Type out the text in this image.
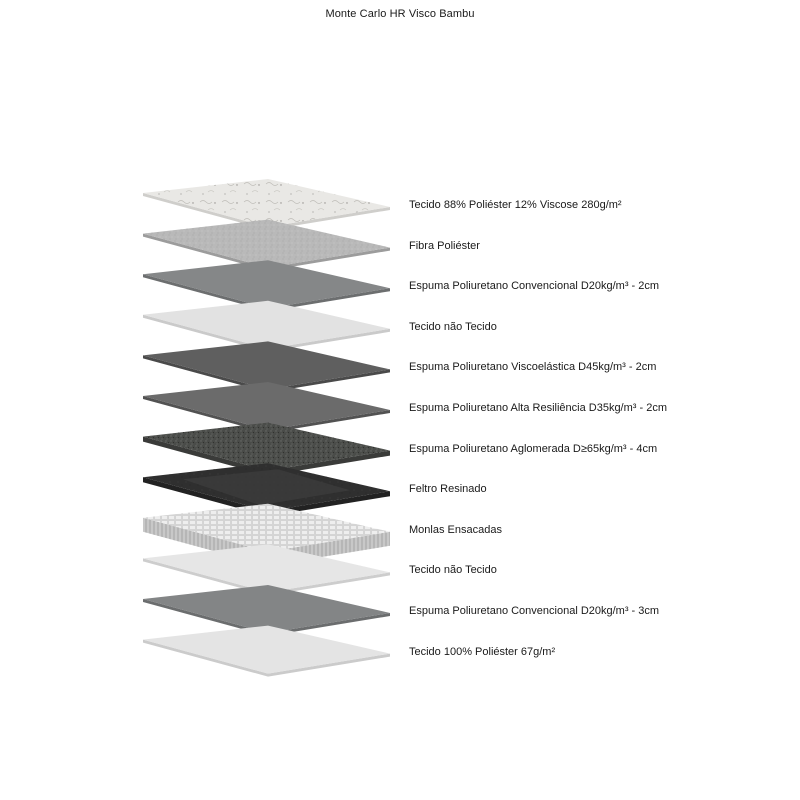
Monte Carlo HR Visco Bambu
Tecido 88% Poliéster 12% Viscose 280g/m²
Fibra Poliéster
Espuma Poliuretano Convencional D20kg/m³ - 2cm
Tecido não Tecido
Espuma Poliuretano Viscoelástica D45kg/m³ - 2cm
Espuma Poliuretano Alta Resiliência D35kg/m³ - 2cm
Espuma Poliuretano Aglomerada D≥65kg/m³ - 4cm
Feltro Resinado
Monlas Ensacadas
Tecido não Tecido
Espuma Poliuretano Convencional D20kg/m³ - 3cm
Tecido 100% Poliéster 67g/m²
